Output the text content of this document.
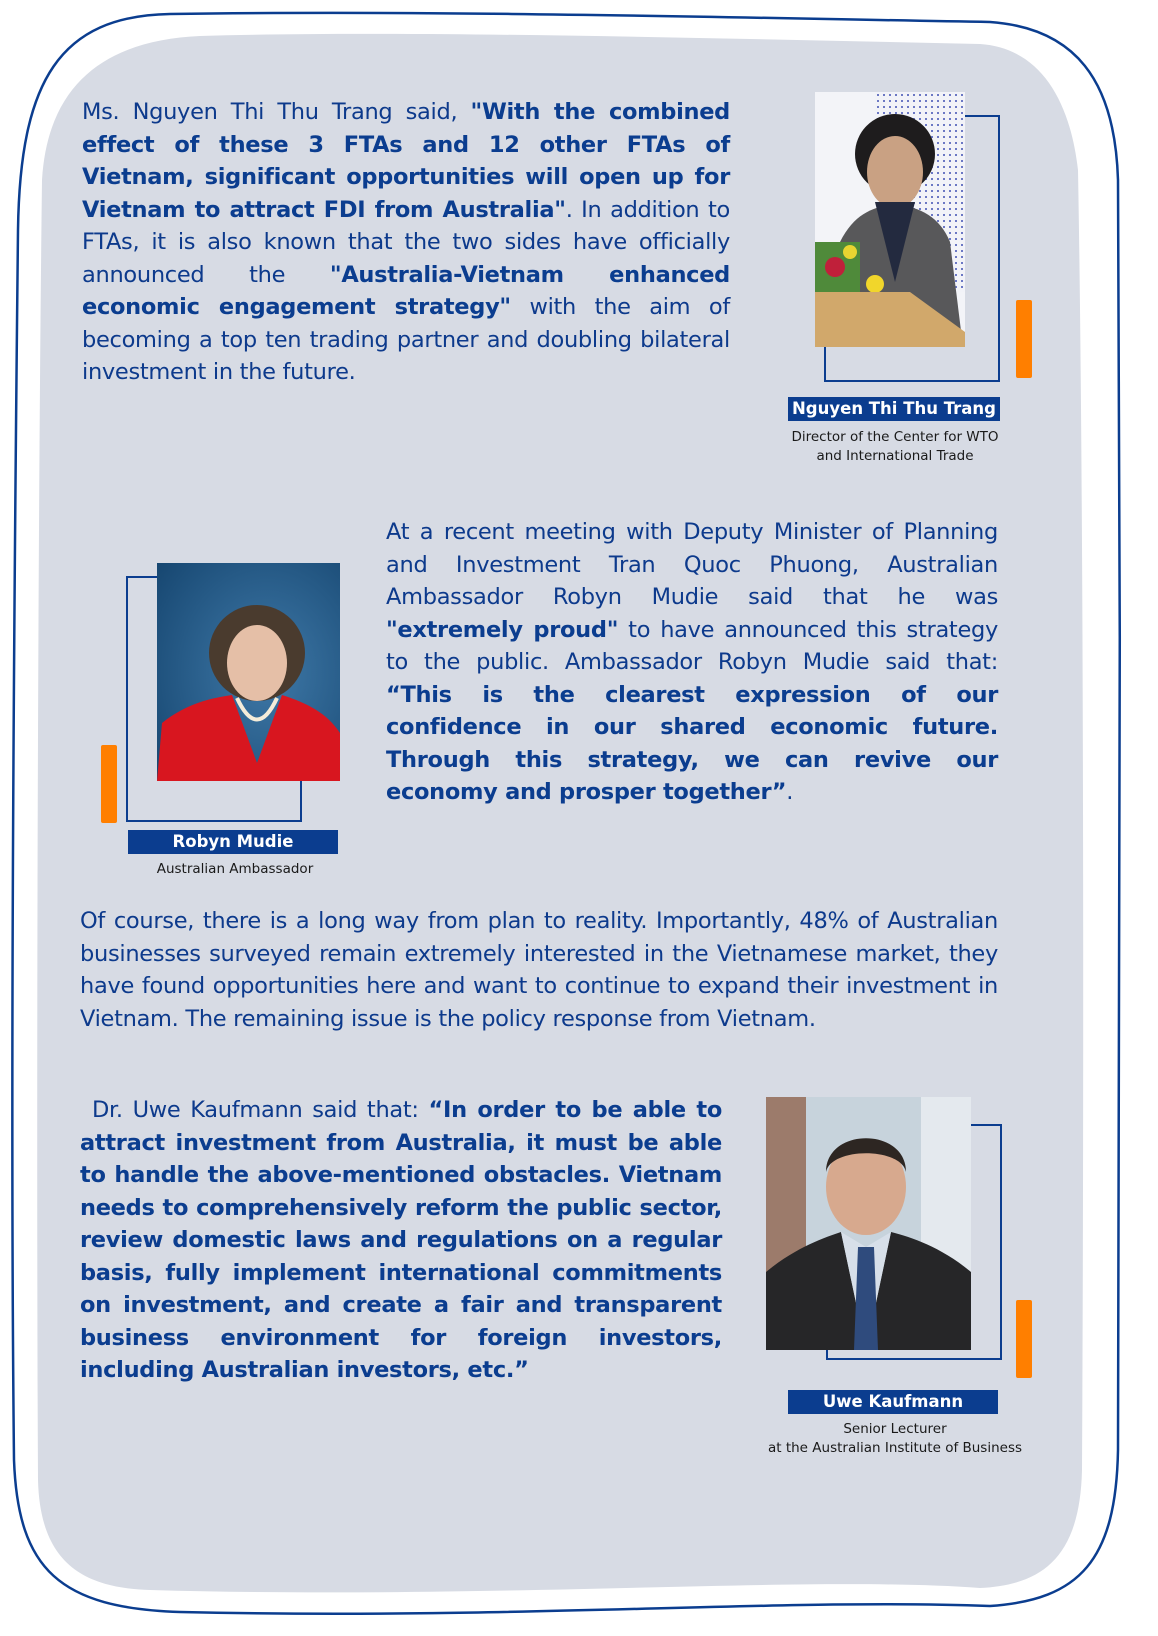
Ms. Nguyen Thi Thu Trang said, "With the combined effect of these 3 FTAs and 12 other FTAs of Vietnam, significant opportunities will open up for Vietnam to attract FDI from Australia". In addition to FTAs, it is also known that the two sides have officially announced the "Australia-Vietnam enhanced economic engagement strategy" with the aim of becoming a top ten trading partner and doubling bilateral investment in the future.
Nguyen Thi Thu Trang
Director of the Center for WTO
and International Trade
Robyn Mudie
Australian Ambassador
At a recent meeting with Deputy Minister of Planning and Investment Tran Quoc Phuong, Australian Ambassador Robyn Mudie said that he was "extremely proud" to have announced this strategy to the public. Ambassador Robyn Mudie said that: “This is the clearest expression of our confidence in our shared economic future. Through this strategy, we can revive our economy and prosper together”.
Of course, there is a long way from plan to reality. Importantly, 48% of Australian businesses surveyed remain extremely interested in the Vietnamese market, they have found opportunities here and want to continue to expand their investment in Vietnam. The remaining issue is the policy response from Vietnam.
Dr. Uwe Kaufmann said that: “In order to be able to attract investment from Australia, it must be able to handle the above-mentioned obstacles. Vietnam needs to comprehensively reform the public sector, review domestic laws and regulations on a regular basis, fully implement international commitments on investment, and create a fair and transparent business environment for foreign investors, including Australian investors, etc.”
Uwe Kaufmann
Senior Lecturer
at the Australian Institute of Business
